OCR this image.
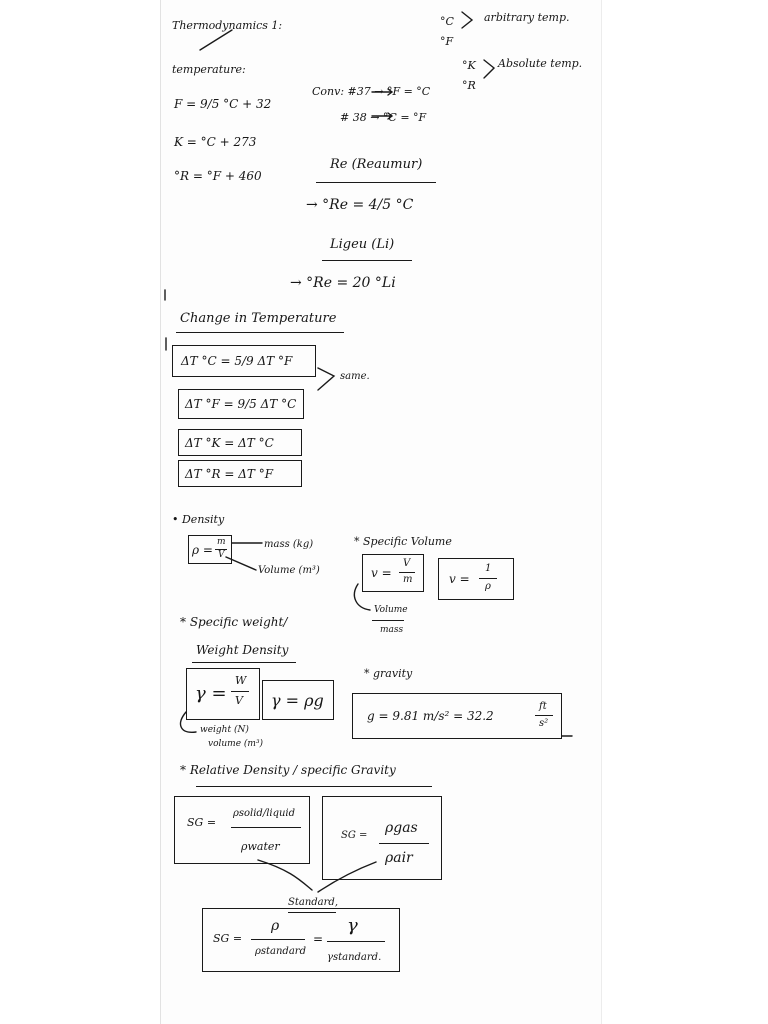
Thermodynamics 1:
temperature:
°C
°F
arbitrary temp.
°K
°R
Absolute temp.
F = 9/5 °C + 32
K = °C + 273
°R = °F + 460
Conv: #37 → °F = °C
# 38 → °C = °F
Re (Reaumur)
→ °Re = 4/5 °C
Ligeu (Li)
→ °Re = 20 °Li
Change in Temperature
ΔT °C = 5/9 ΔT °F
ΔT °F = 9/5 ΔT °C
ΔT °K = ΔT °C
ΔT °R = ΔT °F
same.
• Density
ρ =
m
V
mass (kg)
Volume (m³)
* Specific Volume
v =
V
m	v =
1
ρ
Volume
mass
* Specific weight/
Weight Density
γ =
W
V γ = ρg
weight (N)
volume (m³)
* gravity
g = 9.81 m/s² = 32.2
ft
s²
* Relative Density / specific Gravity
SG =
ρsolid/liquid
ρwater
SG = ρgas
ρair
Standard,
SG =
ρ
ρstandard
=
γ
γstandard.
